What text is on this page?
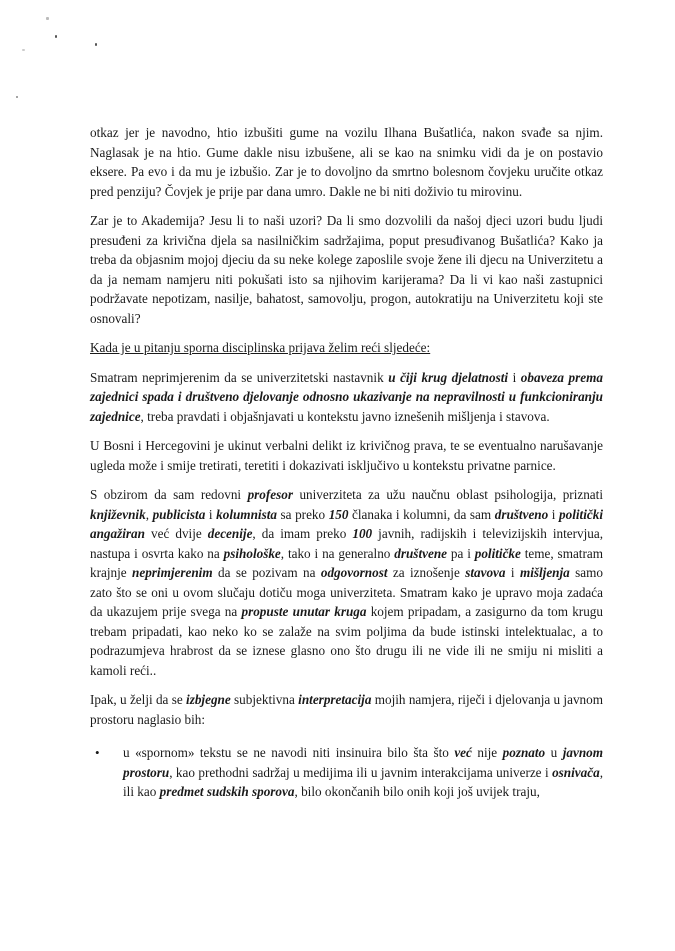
otkaz jer je navodno, htio izbušiti gume na vozilu Ilhana Bušatlića, nakon svađe sa njim. Naglasak je na htio. Gume dakle nisu izbušene, ali se kao na snimku vidi da je on postavio eksere. Pa evo i da mu je izbušio. Zar je to dovoljno da smrtno bolesnom čovjeku uručite otkaz pred penziju? Čovjek je prije par dana umro. Dakle ne bi niti doživio tu mirovinu.

Zar je to Akademija? Jesu li to naši uzori? Da li smo dozvolili da našoj djeci uzori budu ljudi presuđeni za krivična djela sa nasilničkim sadržajima, poput presuđivanog Bušatlića? Kako ja treba da objasnim mojoj djeciu da su neke kolege zaposlile svoje žene ili djecu na Univerzitetu a da ja nemam namjeru niti pokušati isto sa njihovim karijerama? Da li vi kao naši zastupnici podržavate nepotizam, nasilje, bahatost, samovolju, progon, autokratiju na Univerzitetu koji ste osnovali?

Kada je u pitanju sporna disciplinska prijava želim reći sljedeće:

Smatram neprimjerenim da se univerzitetski nastavnik u čiji krug djelatnosti i obaveza prema zajednici spada i društveno djelovanje odnosno ukazivanje na nepravilnosti u funkcioniranju zajednice, treba pravdati i objašnjavati u kontekstu javno iznešenih mišljenja i stavova.

U Bosni i Hercegovini je ukinut verbalni delikt iz krivičnog prava, te se eventualno narušavanje ugleda može i smije tretirati, teretiti i dokazivati isključivo u kontekstu privatne parnice.

S obzirom da sam redovni profesor univerziteta za užu naučnu oblast psihologija, priznati književnik, publicista i kolumnista sa preko 150 članaka i kolumni, da sam društveno i politički angažiran već dvije decenije, da imam preko 100 javnih, radijskih i televizijskih intervjua, nastupa i osvrta kako na psihološke, tako i na generalno društvene pa i političke teme, smatram krajnje neprimjerenim da se pozivam na odgovornost za iznošenje stavova i mišljenja samo zato što se oni u ovom slučaju dotiču moga univerziteta. Smatram kako je upravo moja zadaća da ukazujem prije svega na propuste unutar kruga kojem pripadam, a zasigurno da tom krugu trebam pripadati, kao neko ko se zalaže na svim poljima da bude istinski intelektualac, a to podrazumjeva hrabrost da se iznese glasno ono što drugu ili ne vide ili ne smiju ni misliti a kamoli reći..

Ipak, u želji da se izbjegne subjektivna interpretacija mojih namjera, riječi i djelovanja u javnom prostoru naglasio bih:

• u «spornom» tekstu se ne navodi niti insinuira bilo šta što već nije poznato u javnom prostoru, kao prethodni sadržaj u medijima ili u javnim interakcijama univerze i osnivača, ili kao predmet sudskih sporova, bilo okončanih bilo onih koji još uvijek traju,
